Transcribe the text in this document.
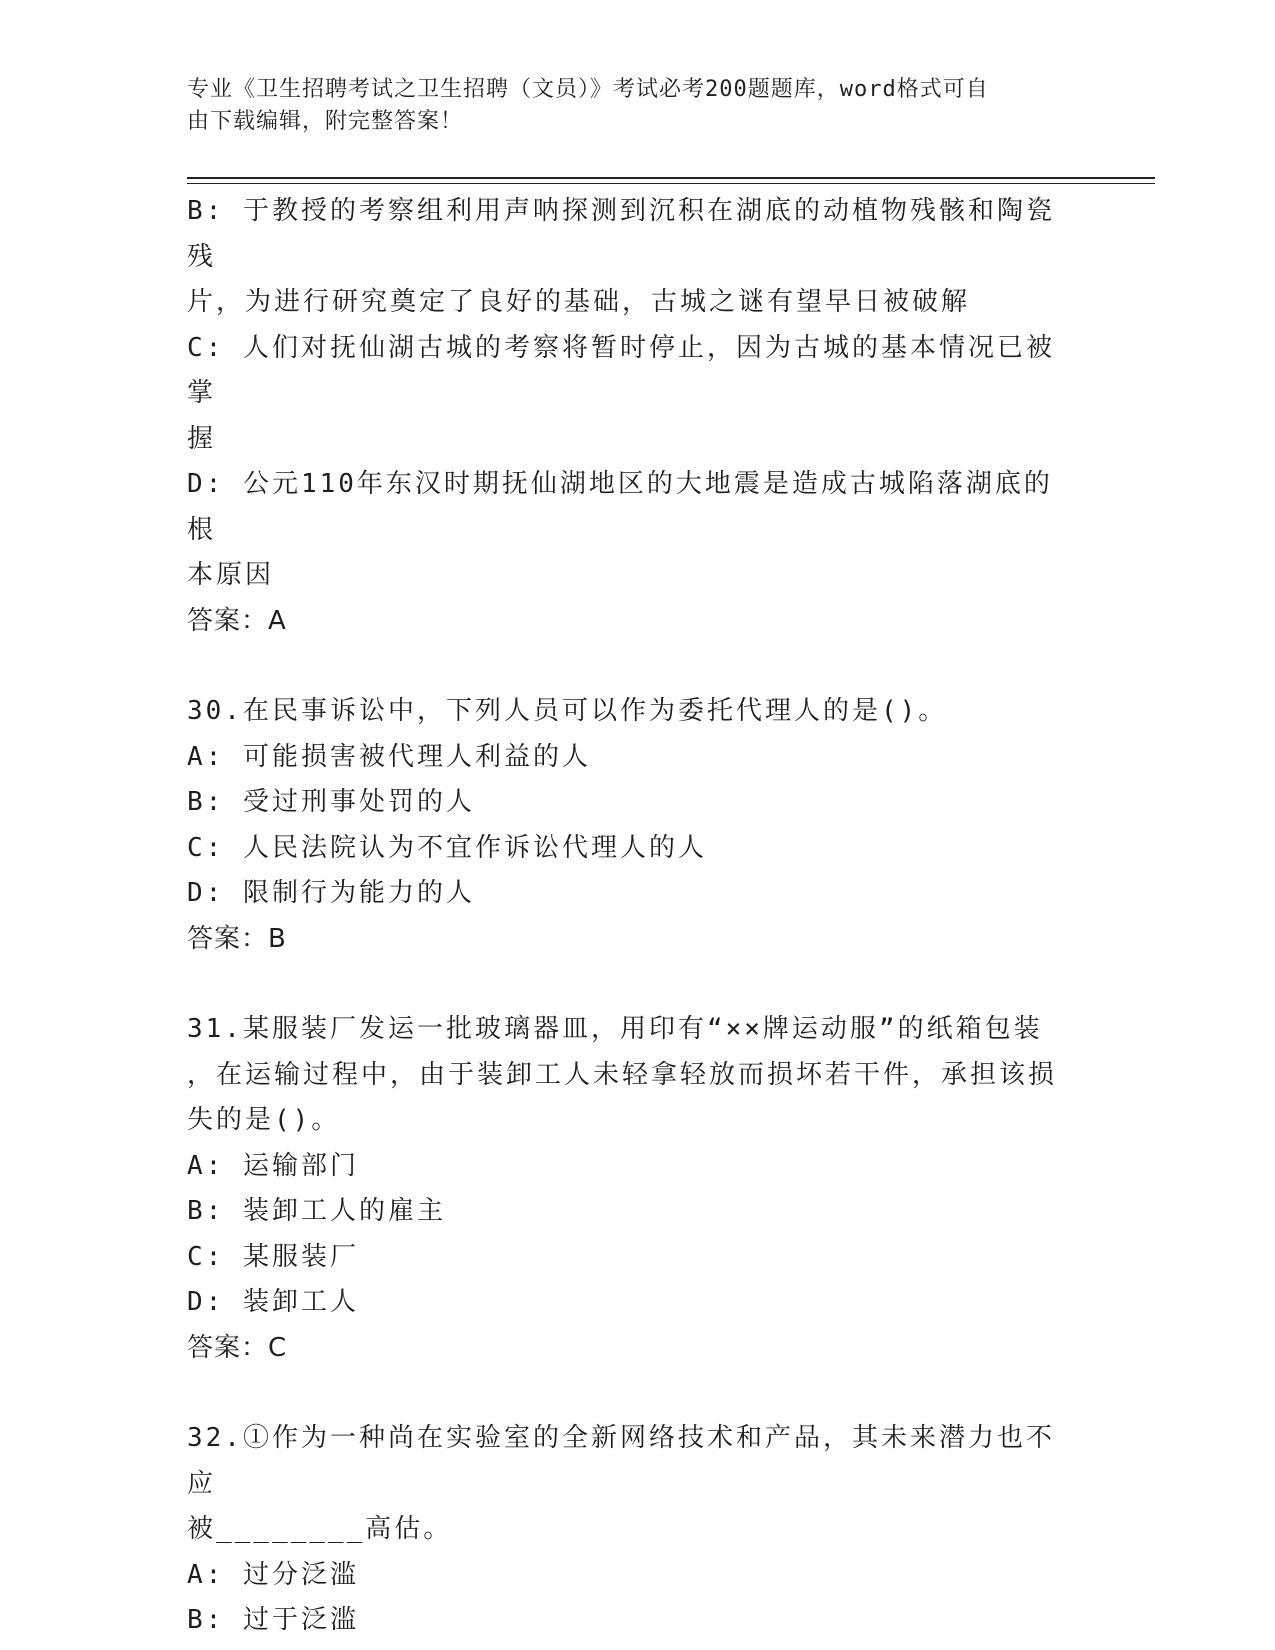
专业《卫生招聘考试之卫生招聘（文员）》考试必考200题题库，word格式可自
由下载编辑，附完整答案！
B: 于教授的考察组利用声呐探测到沉积在湖底的动植物残骸和陶瓷残
片，为进行研究奠定了良好的基础，古城之谜有望早日被破解
C: 人们对抚仙湖古城的考察将暂时停止，因为古城的基本情况已被掌
握
D: 公元110年东汉时期抚仙湖地区的大地震是造成古城陷落湖底的根
本原因
答案：A
30.在民事诉讼中，下列人员可以作为委托代理人的是()。
A: 可能损害被代理人利益的人
B: 受过刑事处罚的人
C: 人民法院认为不宜作诉讼代理人的人
D: 限制行为能力的人
答案：B
31.某服装厂发运一批玻璃器皿，用印有“××牌运动服”的纸箱包装
，在运输过程中，由于装卸工人未轻拿轻放而损坏若干件，承担该损
失的是()。
A: 运输部门
B: 装卸工人的雇主
C: 某服装厂
D: 装卸工人
答案：C
32.①作为一种尚在实验室的全新网络技术和产品，其未来潜力也不应
被________高估。
A: 过分泛滥
B: 过于泛滥
